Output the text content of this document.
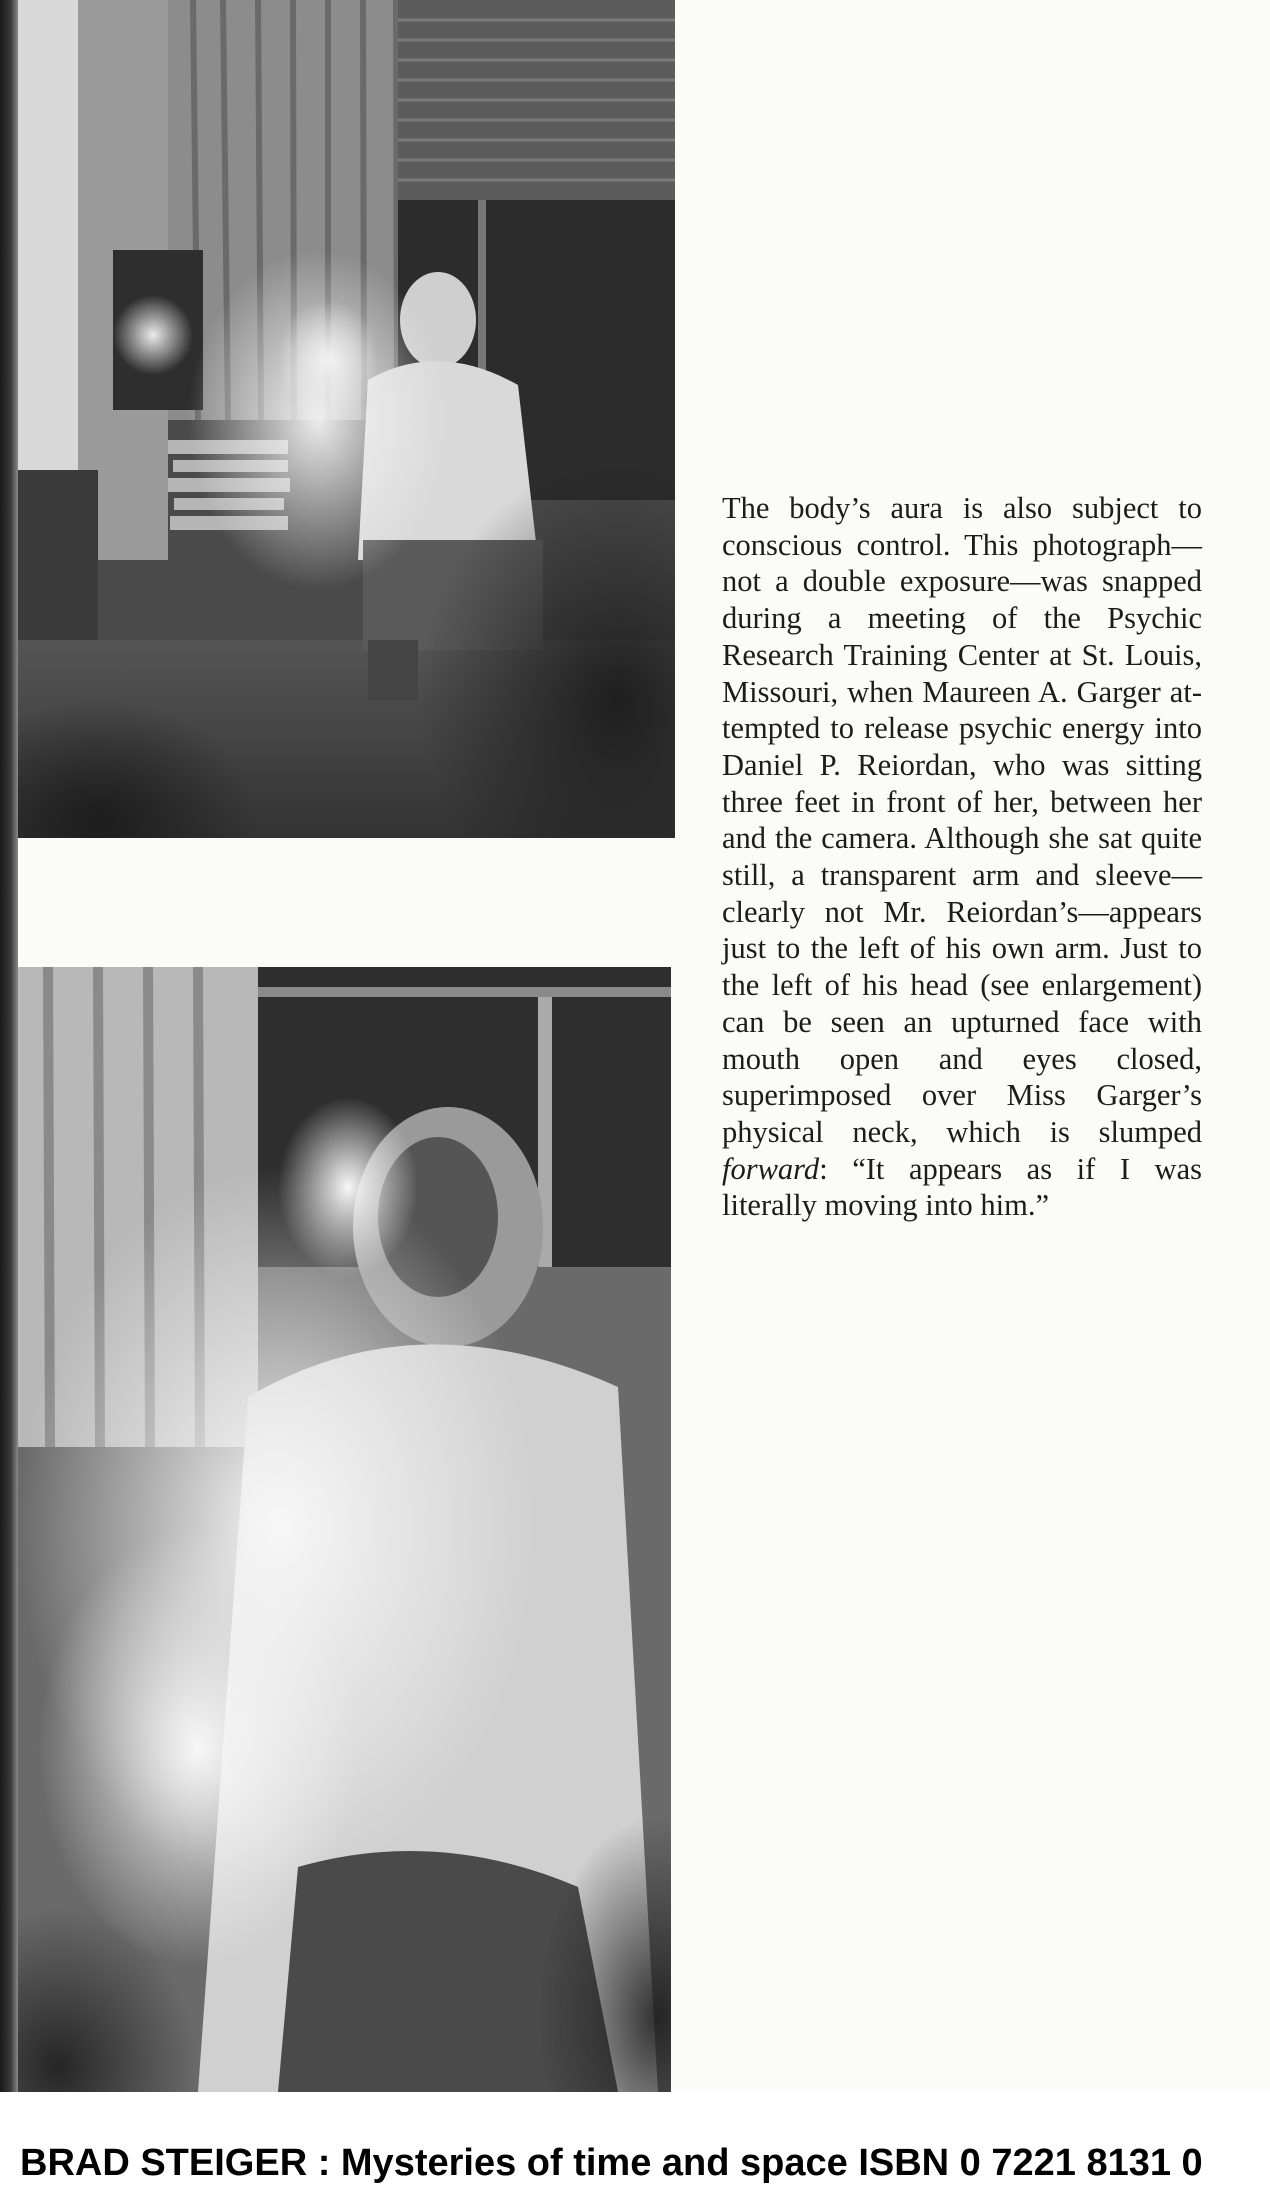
The body’s aura is also subject to conscious control. This photograph—not a double exposure—was snapped during a meeting of the Psychic Research Training Center at St. Louis, Missouri, when Maureen A. Garger attempted to release psychic energy into Daniel P. Reiordan, who was sitting three feet in front of her, between her and the camera. Although she sat quite still, a transparent arm and sleeve—clearly not Mr. Reiordan’s—appears just to the left of his own arm. Just to the left of his head (see enlargement) can be seen an upturned face with mouth open and eyes closed, superimposed over Miss Garger’s physical neck, which is slumped forward: “It appears as if I was literally moving into him.”

BRAD STEIGER : Mysteries of time and space ISBN 0 7221 8131 0
